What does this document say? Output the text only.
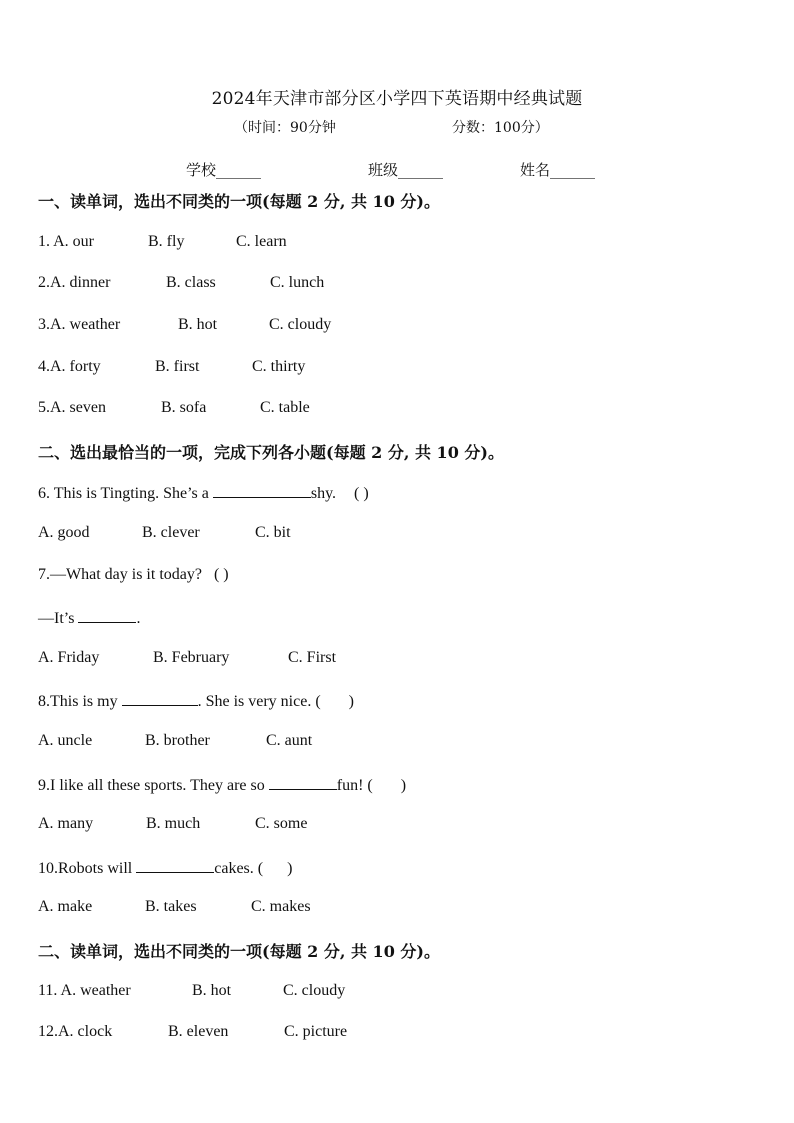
2024年天津市部分区小学四下英语期中经典试题
（时间：90分钟	分数：100分）
学校______	班级______	姓名______
一、读单词，选出不同类的一项(每题 2 分, 共 10 分)。
1. A. our	B. fly	C. learn
2.A. dinner	B. class	C. lunch
3.A. weather	B. hot	C. cloudy
4.A. forty	B. first	C. thirty
5.A. seven	B. sofa	C. table
二、选出最恰当的一项，完成下列各小题(每题 2 分, 共 10 分)。
6. This is Tingting. She’s a	shy. ( )
A. good	B. clever	C. bit
7.—What day is it today? ( )
—It’s	.
A. Friday	B. February	C. First
8.This is my	. She is very nice. ( )
A. uncle	B. brother	C. aunt
9.I like all these sports. They are so	fun! ( )
A. many	B. much	C. some
10.Robots will	cakes. ( )
A. make	B. takes	C. makes
二、读单词，选出不同类的一项(每题 2 分, 共 10 分)。
11. A. weather	B. hot	C. cloudy
12.A. clock	B. eleven	C. picture
